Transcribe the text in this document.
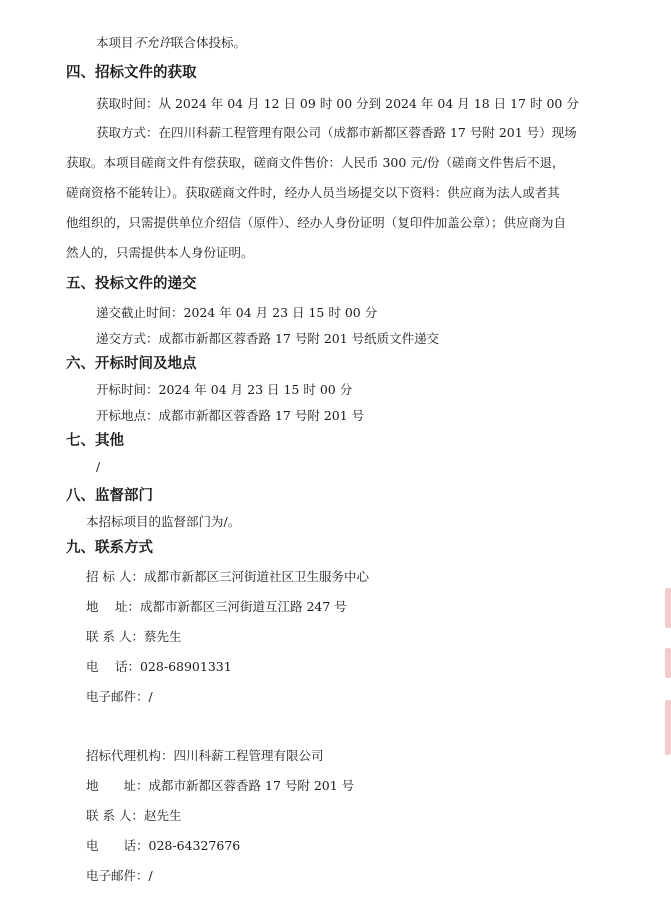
本项目不允许联合体投标。
四、招标文件的获取
获取时间：从 2024 年 04 月 12 日 09 时 00 分到 2024 年 04 月 18 日 17 时 00 分
获取方式：在四川科薪工程管理有限公司（成都市新都区蓉香路 17 号附 201 号）现场
获取。本项目磋商文件有偿获取，磋商文件售价：人民币 300 元/份（磋商文件售后不退，
磋商资格不能转让）。获取磋商文件时，经办人员当场提交以下资料：供应商为法人或者其
他组织的，只需提供单位介绍信（原件）、经办人身份证明（复印件加盖公章）；供应商为自
然人的，只需提供本人身份证明。
五、投标文件的递交
递交截止时间：2024 年 04 月 23 日 15 时 00 分
递交方式：成都市新都区蓉香路 17 号附 201 号纸质文件递交
六、开标时间及地点
开标时间：2024 年 04 月 23 日 15 时 00 分
开标地点：成都市新都区蓉香路 17 号附 201 号
七、其他
/
八、监督部门
本招标项目的监督部门为/。
九、联系方式
招 标 人：成都市新都区三河街道社区卫生服务中心
地　 址：成都市新都区三河街道互江路 247 号
联 系 人：蔡先生
电　 话：028-68901331
电子邮件：/
招标代理机构：四川科薪工程管理有限公司
地　　址：成都市新都区蓉香路 17 号附 201 号
联 系 人：赵先生
电　　话：028-64327676
电子邮件：/
